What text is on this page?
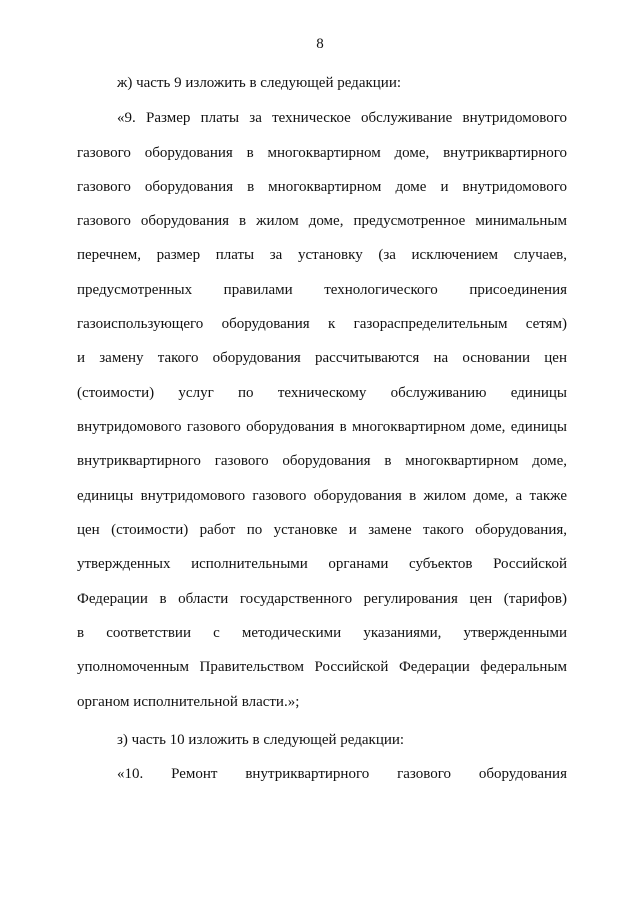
8
ж) часть 9 изложить в следующей редакции:
«9. Размер платы за техническое обслуживание внутридомового
газового оборудования в многоквартирном доме, внутриквартирного
газового оборудования в многоквартирном доме и внутридомового
газового оборудования в жилом доме, предусмотренное минимальным
перечнем, размер платы за установку (за исключением случаев,
предусмотренных правилами технологического присоединения
газоиспользующего оборудования к газораспределительным сетям)
и замену такого оборудования рассчитываются на основании цен
(стоимости) услуг по техническому обслуживанию единицы
внутридомового газового оборудования в многоквартирном доме, единицы
внутриквартирного газового оборудования в многоквартирном доме,
единицы внутридомового газового оборудования в жилом доме, а также
цен (стоимости) работ по установке и замене такого оборудования,
утвержденных исполнительными органами субъектов Российской
Федерации в области государственного регулирования цен (тарифов)
в соответствии с методическими указаниями, утвержденными
уполномоченным Правительством Российской Федерации федеральным
органом исполнительной власти.»;
з) часть 10 изложить в следующей редакции:
«10. Ремонт внутриквартирного газового оборудования
